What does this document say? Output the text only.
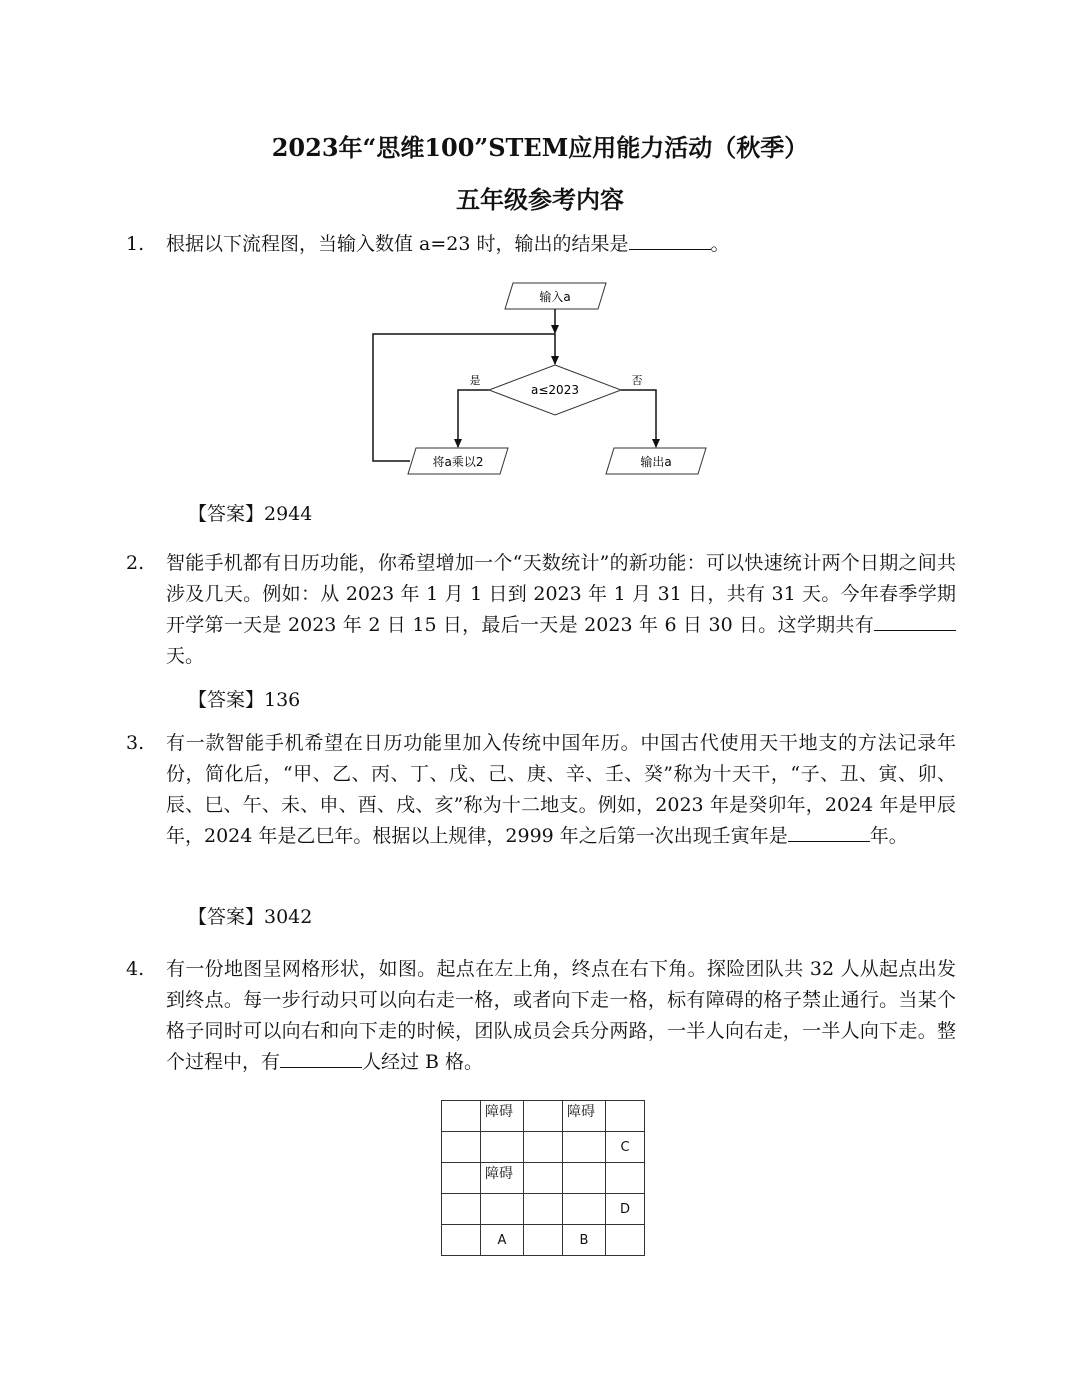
2023年“思维100”STEM应用能力活动（秋季）
五年级参考内容
1. 根据以下流程图，当输入数值 a=23 时，输出的结果是	。
输入a
a≤2023
是	否
将a乘以2	输出a
【答案】2944
2. 智能手机都有日历功能，你希望增加一个“天数统计”的新功能：可以快速统计两个日期之间共涉及几天。例如：从 2023 年 1 月 1 日到 2023 年 1 月 31 日，共有 31 天。今年春季学期开学第一天是 2023 年 2 日 15 日，最后一天是 2023 年 6 日 30 日。这学期共有天。
【答案】136
3. 有一款智能手机希望在日历功能里加入传统中国年历。中国古代使用天干地支的方法记录年份，简化后，“甲、乙、丙、丁、戊、己、庚、辛、壬、癸”称为十天干，“子、丑、寅、卯、辰、巳、午、未、申、酉、戌、亥”称为十二地支。例如，2023 年是癸卯年，2024 年是甲辰年，2024 年是乙巳年。根据以上规律，2999 年之后第一次出现壬寅年是	年。
【答案】3042
4. 有一份地图呈网格形状，如图。起点在左上角，终点在右下角。探险团队共 32 人从起点出发到终点。每一步行动只可以向右走一格，或者向下走一格，标有障碍的格子禁止通行。当某个格子同时可以向右和向下走的时候，团队成员会兵分两路，一半人向右走，一半人向下走。整个过程中，有	人经过 B 格。
	障碍		障碍	
				C
	障碍			
				D
	A		B	
